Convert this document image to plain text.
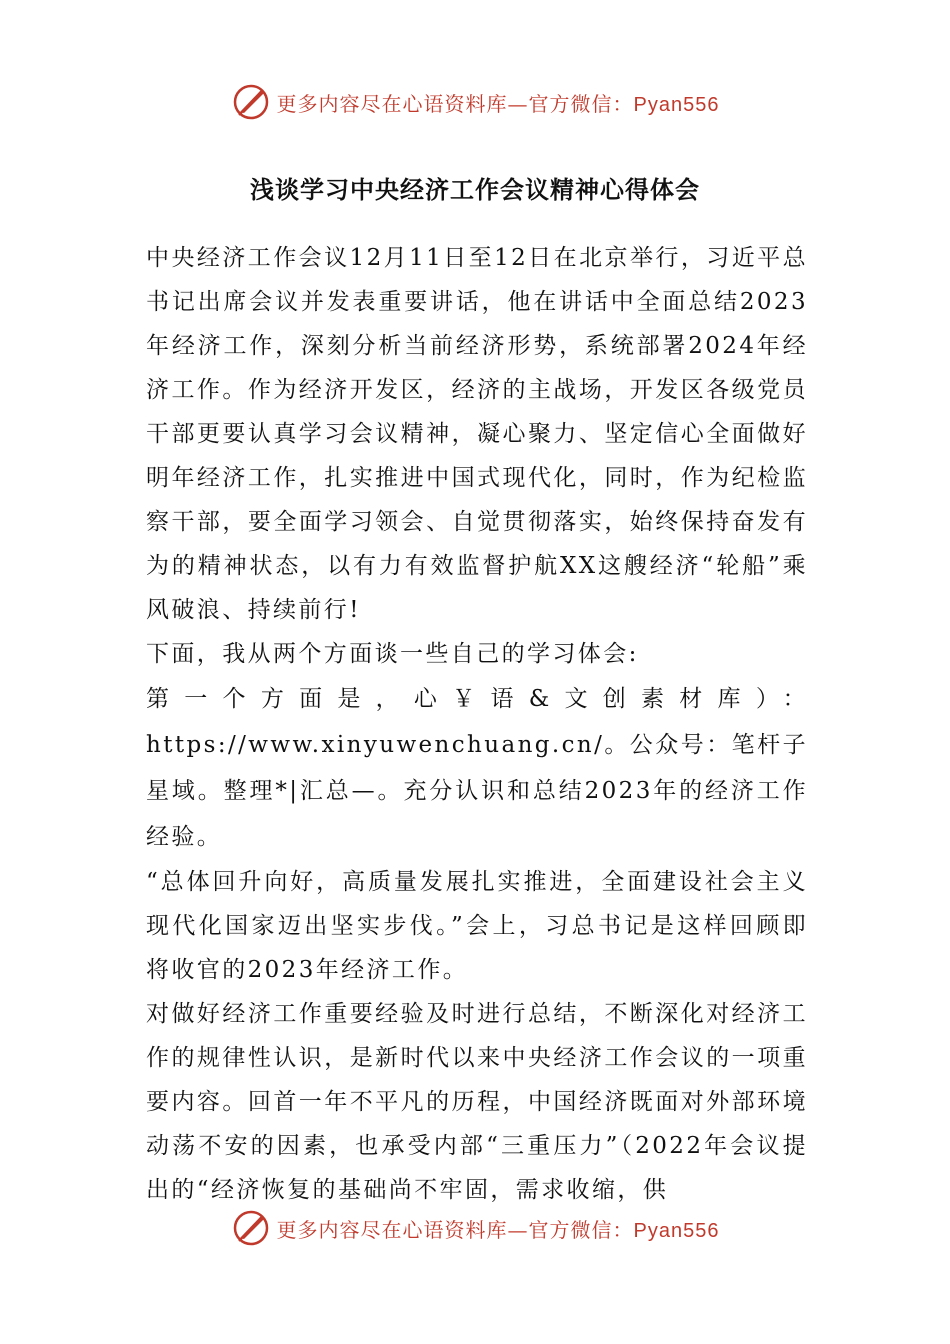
更多内容尽在心语资料库—官方微信：Pyan556
浅谈学习中央经济工作会议精神心得体会

中央经济工作会议12月11日至12日在北京举行，习近平总书记出席会议并发表重要讲话，他在讲话中全面总结2023年经济工作，深刻分析当前经济形势，系统部署2024年经济工作。作为经济开发区，经济的主战场，开发区各级党员干部更要认真学习会议精神，凝心聚力、坚定信心全面做好明年经济工作，扎实推进中国式现代化，同时，作为纪检监察干部，要全面学习领会、自觉贯彻落实，始终保持奋发有为的精神状态，以有力有效监督护航XX这艘经济“轮船”乘风破浪、持续前行!

下面，我从两个方面谈一些自己的学习体会:

第一个方面是，心￥语&文创素材库）：https://www.xinyuwenchuang.cn/。公众号：笔杆子星域。整理*|汇总—。充分认识和总结2023年的经济工作经验。

“总体回升向好，高质量发展扎实推进，全面建设社会主义现代化国家迈出坚实步伐。”会上，习总书记是这样回顾即将收官的2023年经济工作。

对做好经济工作重要经验及时进行总结，不断深化对经济工作的规律性认识，是新时代以来中央经济工作会议的一项重要内容。回首一年不平凡的历程，中国经济既面对外部环境动荡不安的因素，也承受内部“三重压力”（2022年会议提出的“经济恢复的基础尚不牢固，需求收缩，供

更多内容尽在心语资料库—官方微信：Pyan556
